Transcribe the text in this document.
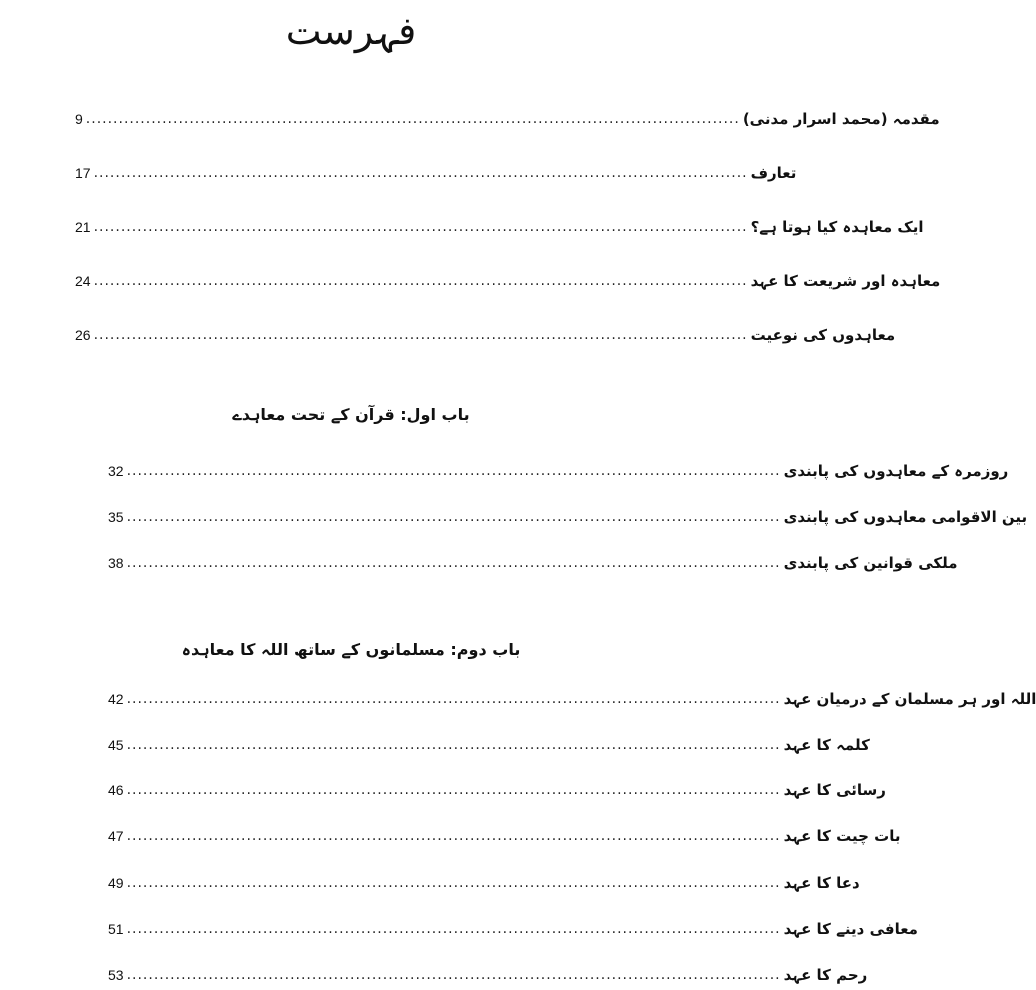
فہرست
9 ........................................................................................................................ مقدمہ (محمد اسرار مدنی)
17 ........................................................................................................................ تعارف
21 ........................................................................................................................ ایک معاہدہ کیا ہوتا ہے؟
24 ........................................................................................................................ معاہدہ اور شریعت کا عہد
26 ........................................................................................................................ معاہدوں کی نوعیت
باب اول: قرآن کے تحت معاہدے
32 ........................................................................................................................ روزمرہ کے معاہدوں کی پابندی
35 ........................................................................................................................ بین الاقوامی معاہدوں کی پابندی
38 ........................................................................................................................ ملکی قوانین کی پابندی
باب دوم: مسلمانوں کے ساتھ اللہ کا معاہدہ
42 ........................................................................................................................ اللہ اور ہر مسلمان کے درمیان عہد
45 ........................................................................................................................ کلمہ کا عہد
46 ........................................................................................................................ رسائی کا عہد
47 ........................................................................................................................ بات چیت کا عہد
49 ........................................................................................................................ دعا کا عہد
51 ........................................................................................................................ معافی دینے کا عہد
53 ........................................................................................................................ رحم کا عہد
